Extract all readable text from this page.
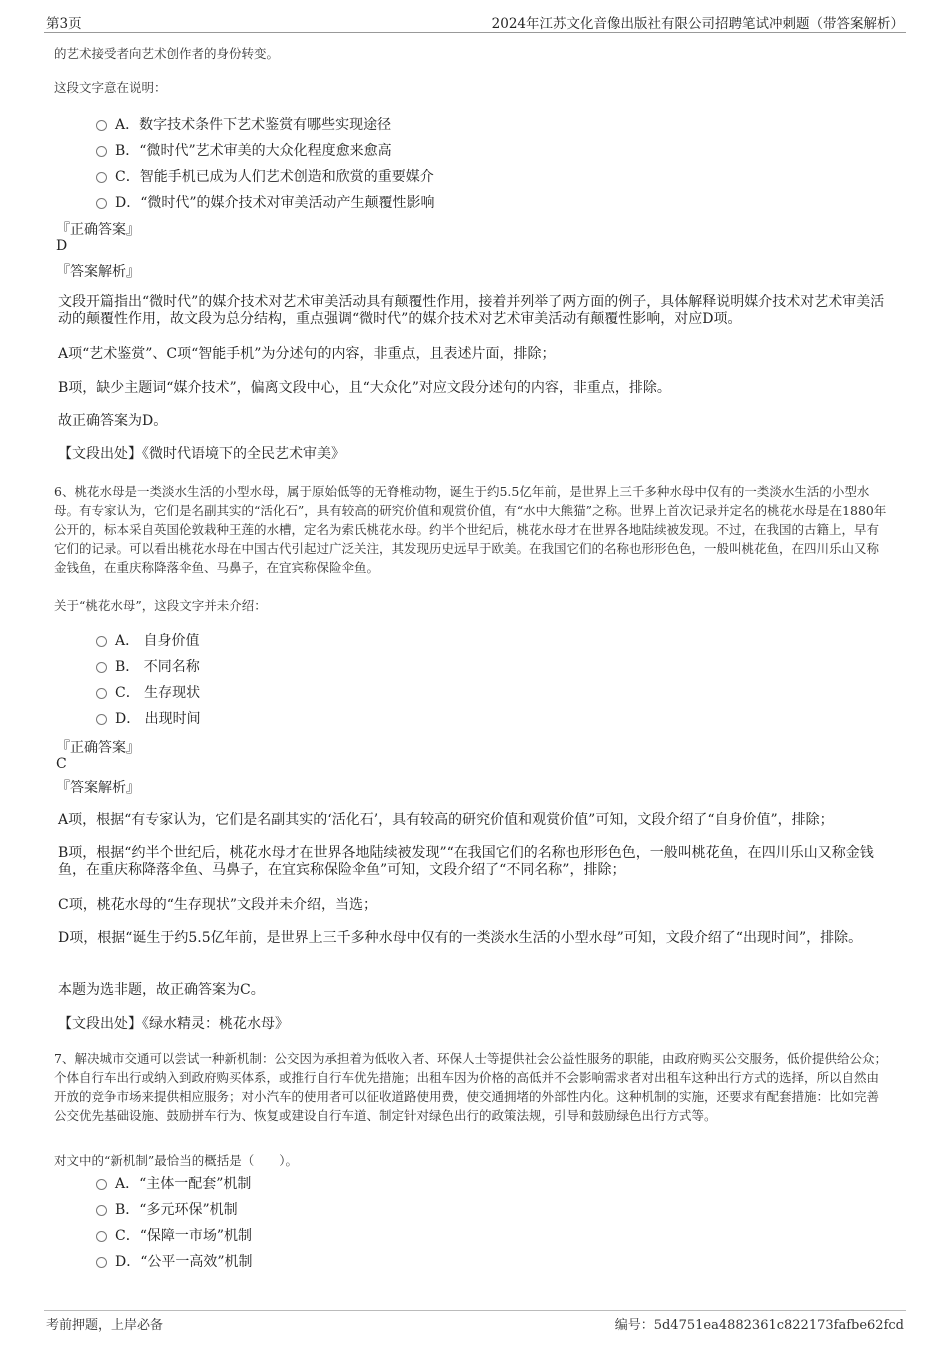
第3页	2024年江苏文化音像出版社有限公司招聘笔试冲刺题（带答案解析）
的艺术接受者向艺术创作者的身份转变。
这段文字意在说明：
A．数字技术条件下艺术鉴赏有哪些实现途径
B．“微时代”艺术审美的大众化程度愈来愈高
C．智能手机已成为人们艺术创造和欣赏的重要媒介
D．“微时代”的媒介技术对审美活动产生颠覆性影响
『正确答案』
D
『答案解析』
文段开篇指出“微时代”的媒介技术对艺术审美活动具有颠覆性作用，接着并列举了两方面的例子，具体解释说明媒介技术对艺术审美活动的颠覆性作用，故文段为总分结构，重点强调“微时代”的媒介技术对艺术审美活动有颠覆性影响，对应D项。
A项“艺术鉴赏”、C项“智能手机”为分述句的内容，非重点，且表述片面，排除；
B项，缺少主题词“媒介技术”，偏离文段中心，且“大众化”对应文段分述句的内容，非重点，排除。
故正确答案为D。
【文段出处】《微时代语境下的全民艺术审美》
6、桃花水母是一类淡水生活的小型水母，属于原始低等的无脊椎动物，诞生于约5.5亿年前，是世界上三千多种水母中仅有的一类淡水生活的小型水母。有专家认为，它们是名副其实的“活化石”，具有较高的研究价值和观赏价值，有“水中大熊猫”之称。世界上首次记录并定名的桃花水母是在1880年公开的，标本采自英国伦敦栽种王莲的水槽，定名为索氏桃花水母。约半个世纪后，桃花水母才在世界各地陆续被发现。不过，在我国的古籍上，早有它们的记录。可以看出桃花水母在中国古代引起过广泛关注，其发现历史远早于欧美。在我国它们的名称也形形色色，一般叫桃花鱼，在四川乐山又称金钱鱼，在重庆称降落伞鱼、马鼻子，在宜宾称保险伞鱼。
关于“桃花水母”，这段文字并未介绍：
A． 自身价值
B． 不同名称
C． 生存现状
D． 出现时间
『正确答案』
C
『答案解析』
A项，根据“有专家认为，它们是名副其实的‘活化石’，具有较高的研究价值和观赏价值”可知，文段介绍了“自身价值”，排除；
B项，根据“约半个世纪后，桃花水母才在世界各地陆续被发现”“在我国它们的名称也形形色色，一般叫桃花鱼，在四川乐山又称金钱鱼，在重庆称降落伞鱼、马鼻子，在宜宾称保险伞鱼”可知，文段介绍了“不同名称”，排除；
C项，桃花水母的“生存现状”文段并未介绍，当选；
D项，根据“诞生于约5.5亿年前，是世界上三千多种水母中仅有的一类淡水生活的小型水母”可知，文段介绍了“出现时间”，排除。
本题为选非题，故正确答案为C。
【文段出处】《绿水精灵：桃花水母》
7、解决城市交通可以尝试一种新机制：公交因为承担着为低收入者、环保人士等提供社会公益性服务的职能，由政府购买公交服务，低价提供给公众；个体自行车出行或纳入到政府购买体系，或推行自行车优先措施；出租车因为价格的高低并不会影响需求者对出租车这种出行方式的选择，所以自然由开放的竞争市场来提供相应服务；对小汽车的使用者可以征收道路使用费，使交通拥堵的外部性内化。这种机制的实施，还要求有配套措施：比如完善公交优先基础设施、鼓励拼车行为、恢复或建设自行车道、制定针对绿色出行的政策法规，引导和鼓励绿色出行方式等。
对文中的“新机制”最恰当的概括是（　　）。
A．“主体一配套”机制
B．“多元环保”机制
C．“保障一市场”机制
D．“公平一高效”机制
考前押题，上岸必备	编号：5d4751ea4882361c822173fafbe62fcd
